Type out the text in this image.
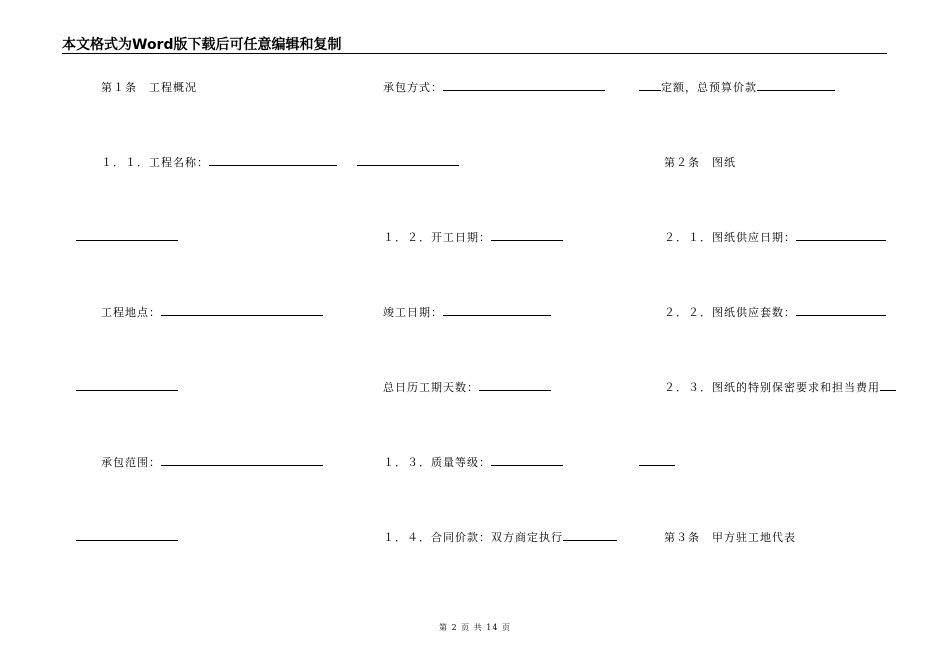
本文格式为Word版下载后可任意编辑和复制
第１条　工程概况
１．１．工程名称：
工程地点：
承包范围：
承包方式：
１．２．开工日期：
竣工日期：
总日历工期天数：
１．３．质量等级：
１．４．合同价款：双方商定执行
定额，总预算价款
第２条　图纸
２．１．图纸供应日期：
２．２．图纸供应套数：
２．３．图纸的特别保密要求和担当费用
第３条　甲方驻工地代表
第 2 页 共 14 页
